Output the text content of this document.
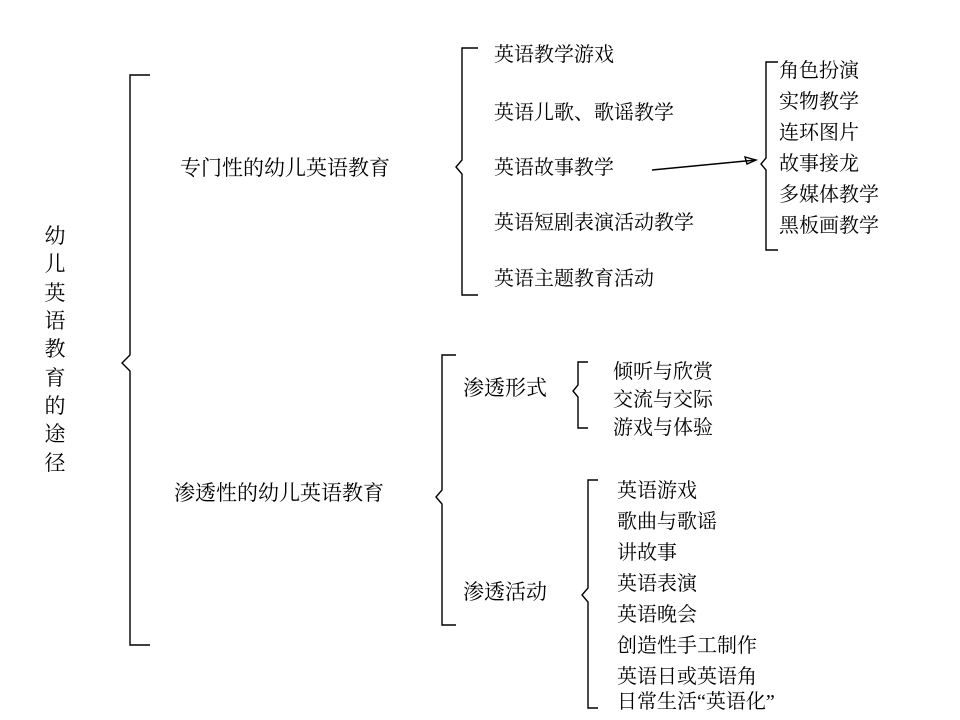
幼儿英语教育的途径
专门性的幼儿英语教育
英语教学游戏
英语儿歌、歌谣教学
英语故事教学
英语短剧表演活动教学
英语主题教育活动
角色扮演
实物教学
连环图片
故事接龙
多媒体教学
黑板画教学
渗透性的幼儿英语教育
渗透形式
倾听与欣赏
交流与交际
游戏与体验
渗透活动
英语游戏
歌曲与歌谣
讲故事
英语表演
英语晚会
创造性手工制作
英语日或英语角
日常生活“英语化”
